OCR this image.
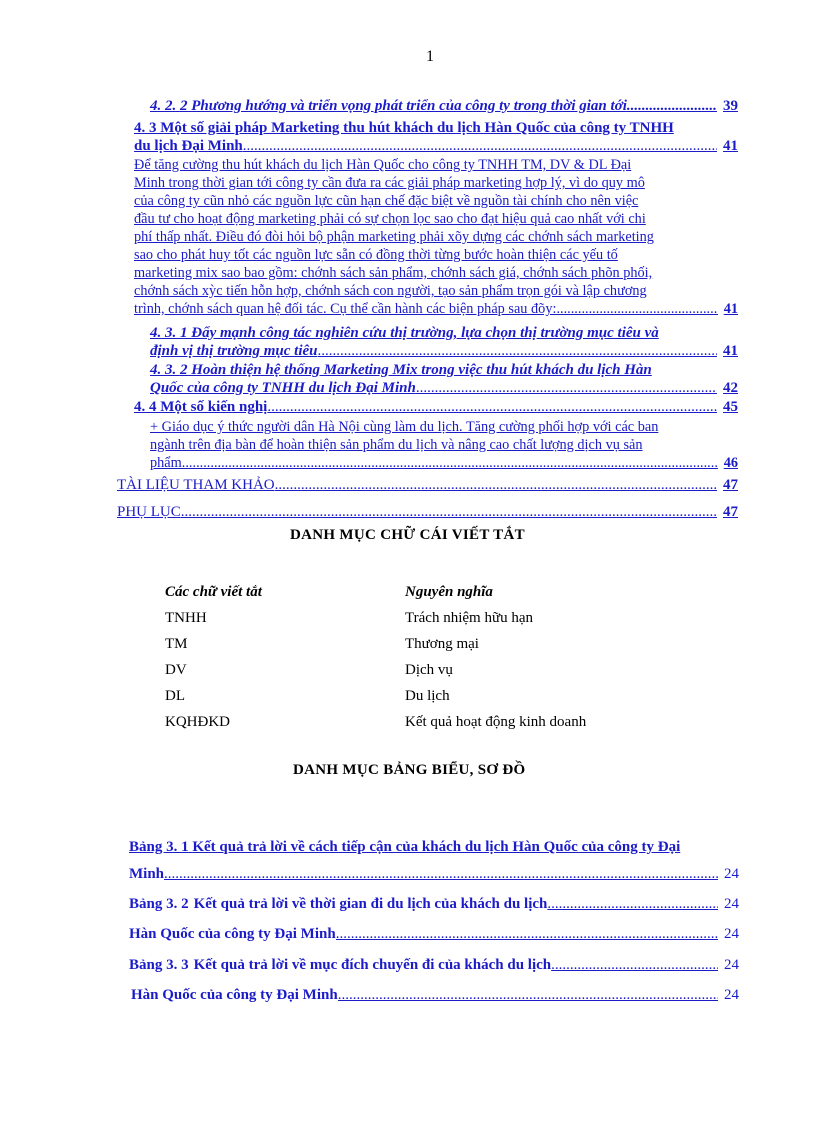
1
4. 2. 2 Phương hướng và triển vọng phát triển của công ty trong thời gian tới .....	39
4. 3 Một số giải pháp Marketing thu hút khách du lịch Hàn Quốc của công ty TNHH
du lịch Đại Minh .....	41
Để tăng cường thu hút khách du lịch Hàn Quốc cho công ty TNHH TM, DV & DL Đại
Minh trong thời gian tới công ty cần đưa ra các giải pháp marketing hợp lý, vì do quy mô
của công ty cũn nhỏ các nguồn lực cũn hạn chế đặc biệt về nguồn tài chính cho nên việc
đầu tư cho hoạt động marketing phải có sự chọn lọc sao cho đạt hiệu quả cao nhất với chi
phí thấp nhất. Điều đó đòi hỏi bộ phận marketing phải xõy dựng các chớnh sách marketing
sao cho phát huy tốt các nguồn lực sẵn có đồng thời từng bước hoàn thiện các yếu tố
marketing mix sao bao gồm: chớnh sách sản phẩm, chớnh sách giá, chớnh sách phõn phối,
chớnh sách xỳc tiến hỗn hợp, chớnh sách con người, tạo sản phẩm trọn gói và lập chương
trình, chớnh sách quan hệ đối tác. Cụ thể cần hành các biện pháp sau đõy: .....	41
4. 3. 1 Đẩy mạnh công tác nghiên cứu thị trường, lựa chọn thị trường mục tiêu và
định vị thị trường mục tiêu .....	41
4. 3. 2 Hoàn thiện hệ thống Marketing Mix trong việc thu hút khách du lịch Hàn
Quốc của công ty TNHH du lịch Đại Minh .....	42
4. 4 Một số kiến nghị .....	45
+ Giáo dục ý thức người dân Hà Nội cùng làm du lịch. Tăng cường phối hợp với các ban
ngành trên địa bàn để hoàn thiện sản phẩm du lịch và nâng cao chất lượng dịch vụ sản
phẩm. .....	46
TÀI LIỆU THAM KHẢO .....	47
PHỤ LỤC .....	47
DANH MỤC CHỮ CÁI VIẾT TẮT
Các chữ viết tắt	Nguyên nghĩa
TNHH	Trách nhiệm hữu hạn
TM	Thương mại
DV	Dịch vụ
DL	Du lịch
KQHĐKD	Kết quả hoạt động kinh doanh
DANH MỤC BẢNG BIỂU, SƠ ĐỒ
Bảng 3. 1 Kết quả trả lời về cách tiếp cận của khách du lịch Hàn Quốc của công ty Đại
Minh .....	24
Bảng 3. 2 Kết quả trả lời về thời gian đi du lịch của khách du lịch .....	24
Hàn Quốc của công ty Đại Minh .....	24
Bảng 3. 3 Kết quả trả lời về mục đích chuyến đi của khách du lịch .....	24
Hàn Quốc của công ty Đại Minh .....	24
